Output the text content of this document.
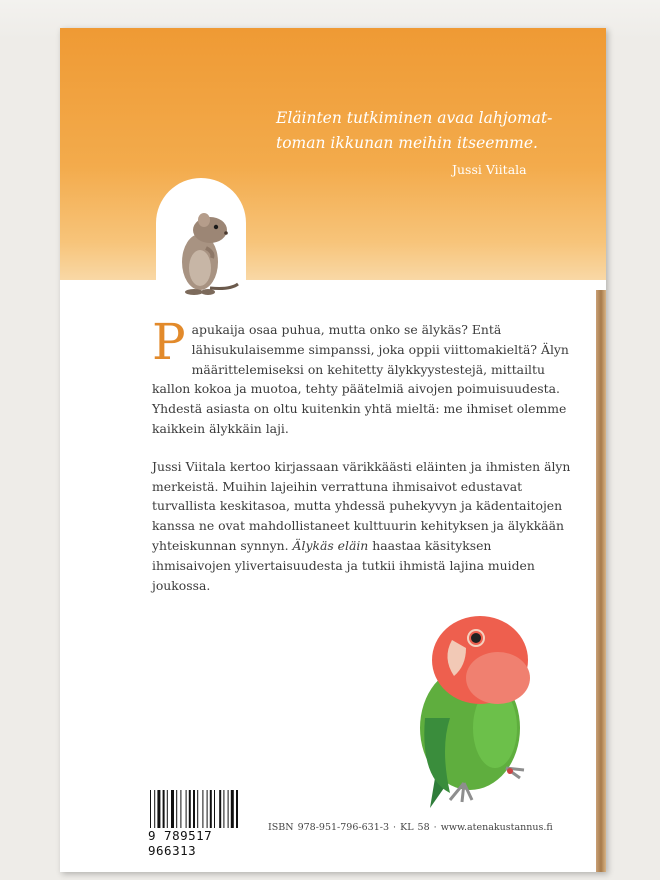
Eläinten tutkiminen avaa lahjomat-
toman ikkunan meihin itseemme.
Jussi Viitala

Papukaija osaa puhua, mutta onko se älykäs? Entä lähisukulaisemme simpanssi, joka oppii viittomakieltä? Älyn määrittelemiseksi on kehitetty älykkyystestejä, mittailtu kallon kokoa ja muotoa, tehty päätelmiä aivojen poimuisuudesta. Yhdestä asiasta on oltu kuitenkin yhtä mieltä: me ihmiset olemme kaikkein älykkäin laji.

Jussi Viitala kertoo kirjassaan värikkäästi eläinten ja ihmisten älyn merkeistä. Muihin lajeihin verrattuna ihmisaivot edustavat turvallista keskitasoa, mutta yhdessä puhekyvyn ja kädentaitojen kanssa ne ovat mahdollistaneet kulttuurin kehityksen ja älykkään yhteiskunnan synnyn. Älykäs eläin haastaa käsityksen ihmisaivojen ylivertaisuudesta ja tutkii ihmistä lajina muiden joukossa.

9 789517 966313
ISBN 978-951-796-631-3 · KL 58 · www.atenakustannus.fi
